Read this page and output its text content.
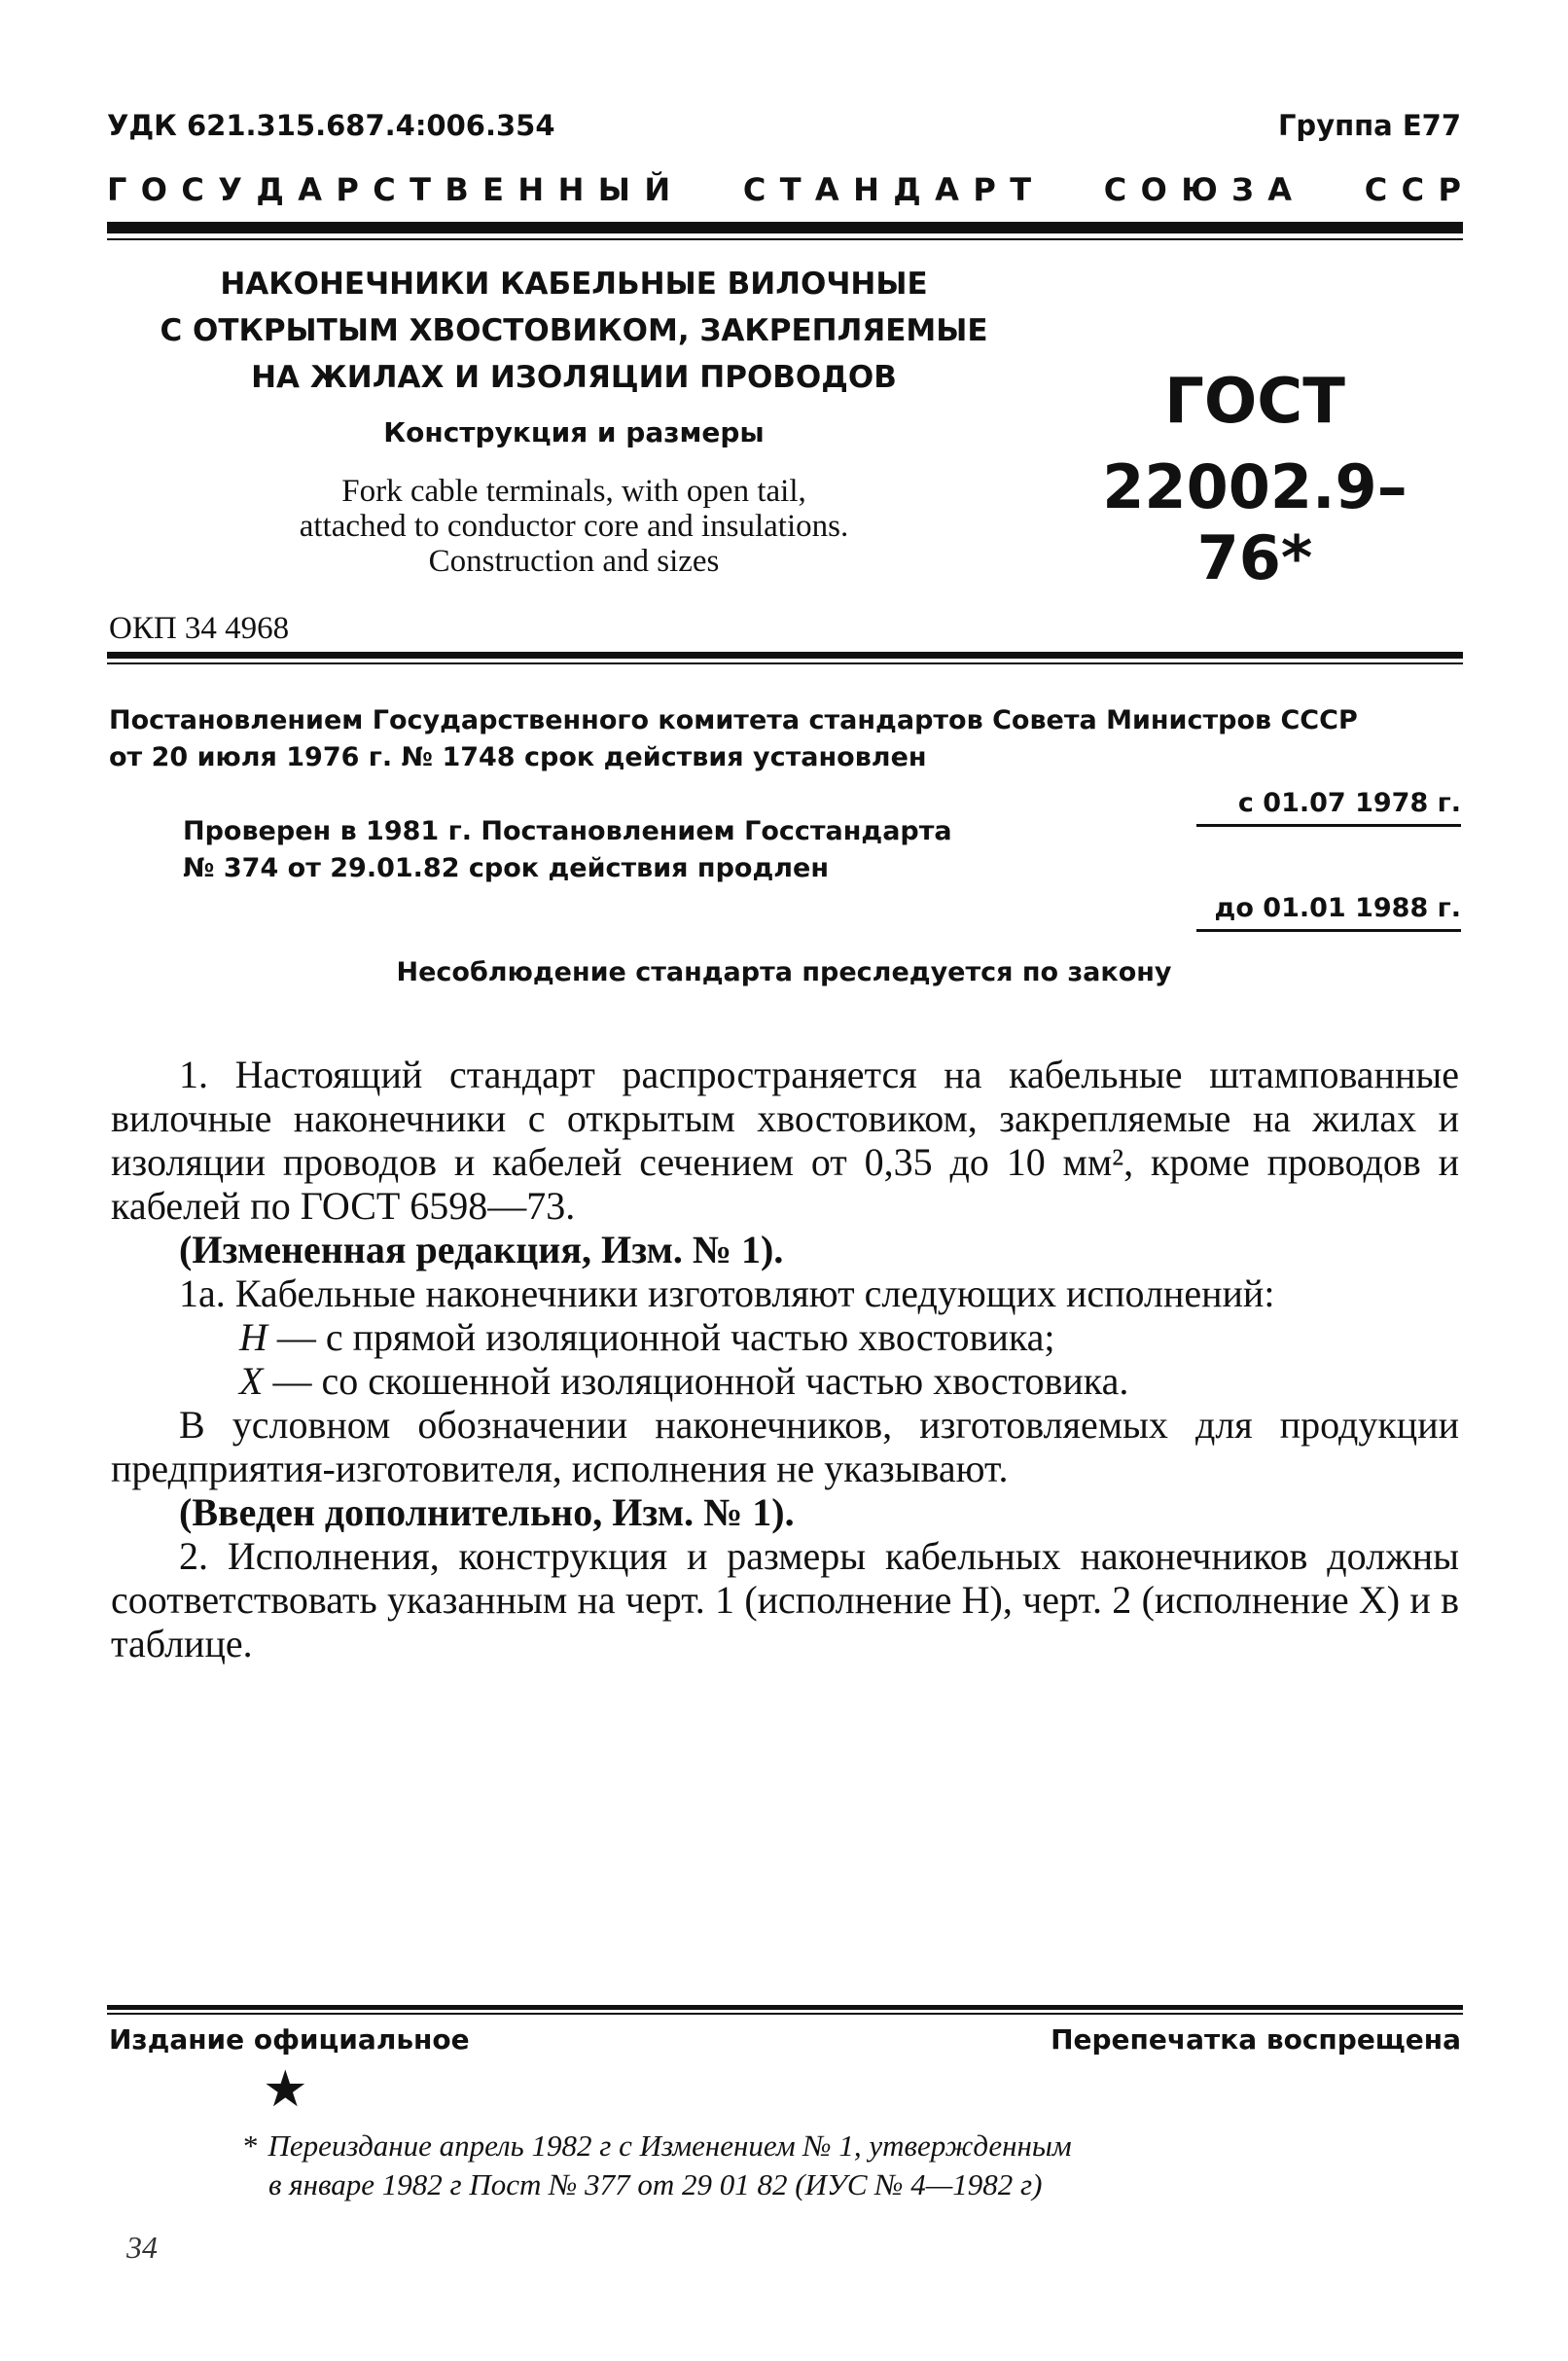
УДК 621.315.687.4:006.354	Группа Е77
ГОСУДАРСТВЕННЫЙ СТАНДАРТ СОЮЗА ССР
НАКОНЕЧНИКИ КАБЕЛЬНЫЕ ВИЛОЧНЫЕ
С ОТКРЫТЫМ ХВОСТОВИКОМ, ЗАКРЕПЛЯЕМЫЕ
НА ЖИЛАХ И ИЗОЛЯЦИИ ПРОВОДОВ
Конструкция и размеры
Fork cable terminals, with open tail,
attached to conductor core and insulations.
Construction and sizes
ГОСТ
22002.9–76*
ОКП 34 4968
Постановлением Государственного комитета стандартов Совета Министров СССР
от 20 июля 1976 г. № 1748 срок действия установлен
с 01.07 1978 г.
Проверен в 1981 г. Постановлением Госстандарта
№ 374 от 29.01.82 срок действия продлен
до 01.01 1988 г.
Несоблюдение стандарта преследуется по закону

1. Настоящий стандарт распространяется на кабельные штампованные вилочные наконечники с открытым хвостовиком, закрепляемые на жилах и изоляции проводов и кабелей сечением от 0,35 до 10 мм², кроме проводов и кабелей по ГОСТ 6598—73.

(Измененная редакция, Изм. № 1).

1а. Кабельные наконечники изготовляют следующих исполнений:

Н — с прямой изоляционной частью хвостовика;

Х — со скошенной изоляционной частью хвостовика.

В условном обозначении наконечников, изготовляемых для продукции предприятия-изготовителя, исполнения не указывают.

(Введен дополнительно, Изм. № 1).

2. Исполнения, конструкция и размеры кабельных наконечников должны соответствовать указанным на черт. 1 (исполнение Н), черт. 2 (исполнение Х) и в таблице.

Издание официальное	Перепечатка воспрещена
★
* Переиздание апрель 1982 г с Изменением № 1, утвержденным
в январе 1982 г Пост № 377 от 29 01 82 (ИУС № 4—1982 г)
34
